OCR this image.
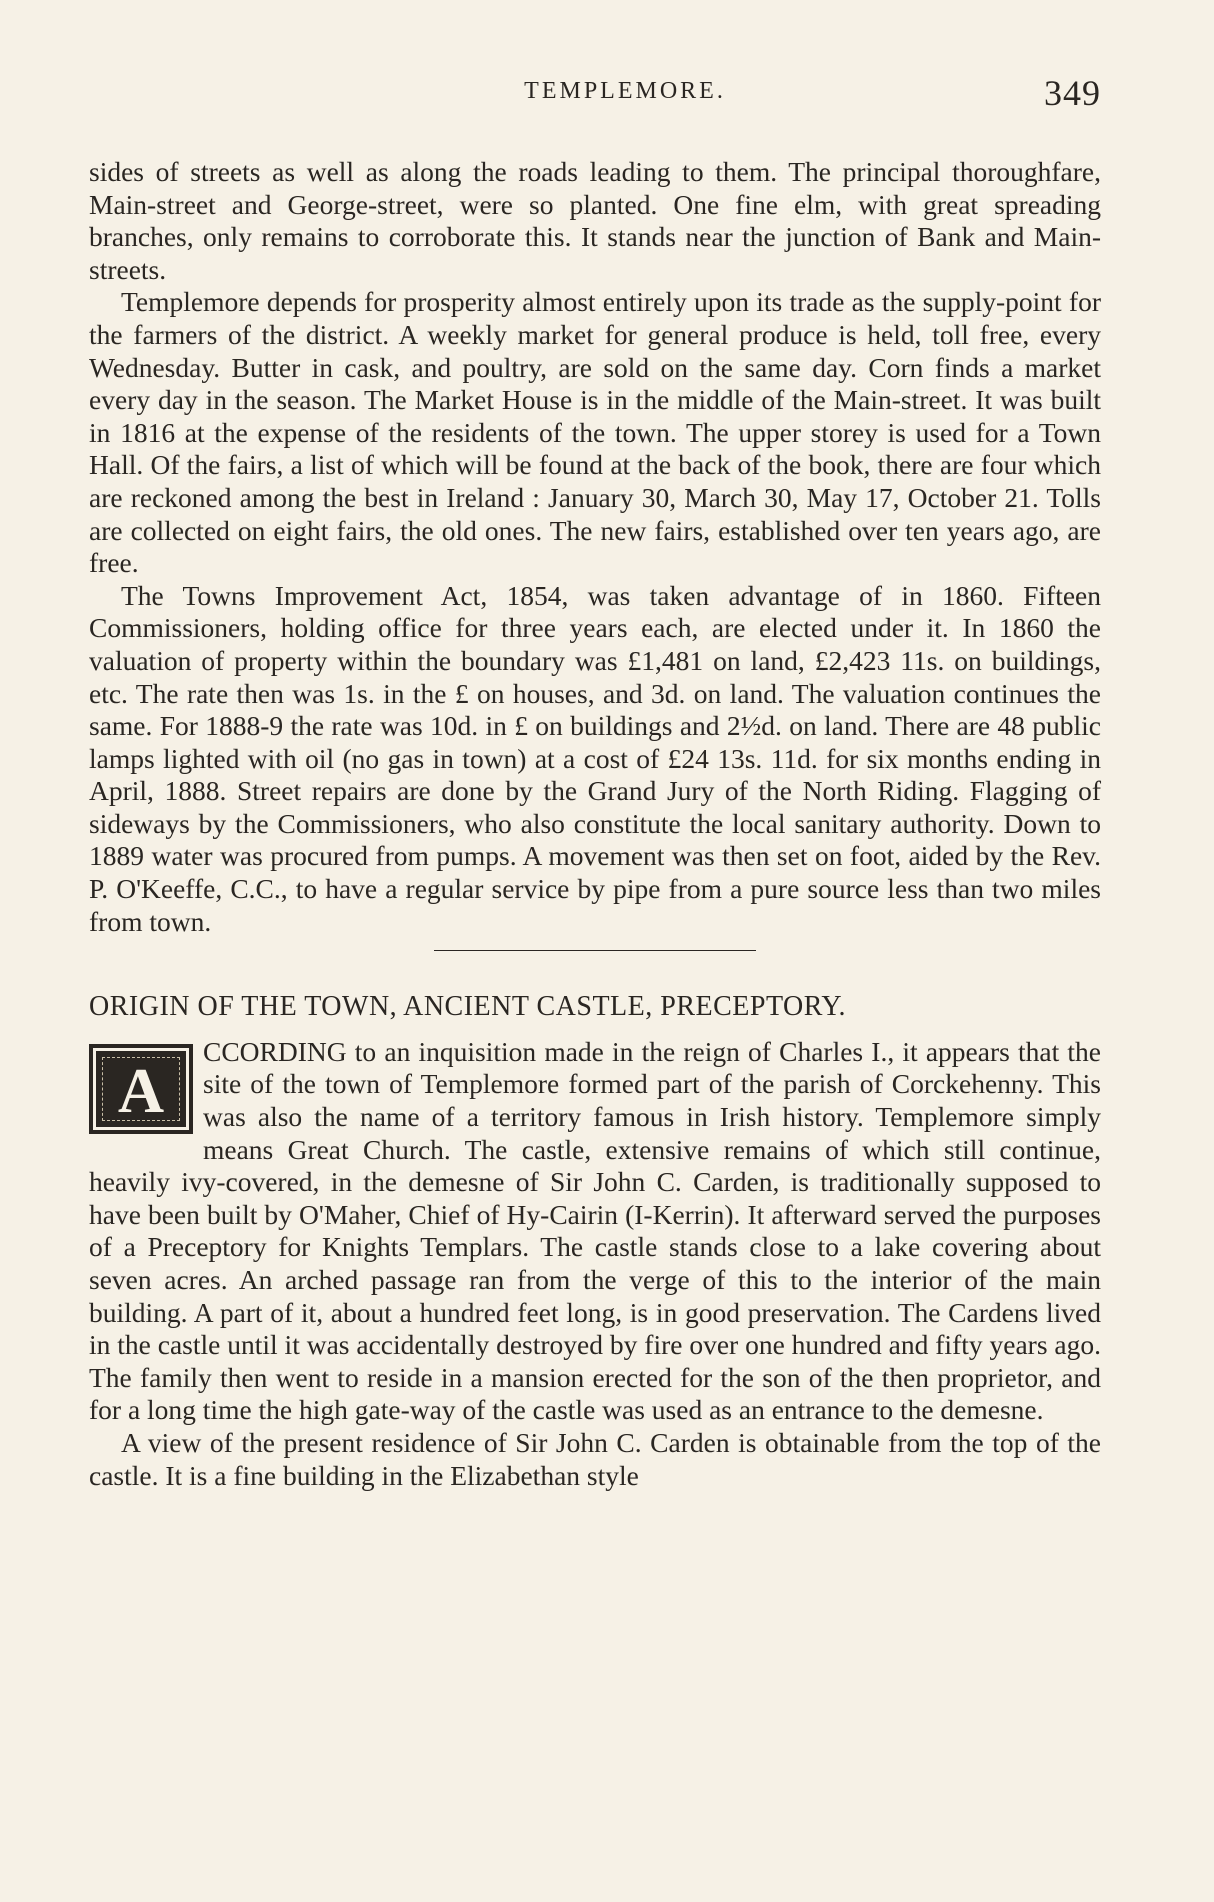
TEMPLEMORE.	349

sides of streets as well as along the roads leading to them. The principal thoroughfare, Main-street and George-street, were so planted. One fine elm, with great spreading branches, only remains to corroborate this. It stands near the junction of Bank and Main-streets.

Templemore depends for prosperity almost entirely upon its trade as the supply-point for the farmers of the district. A weekly market for general produce is held, toll free, every Wednesday. Butter in cask, and poultry, are sold on the same day. Corn finds a market every day in the season. The Market House is in the middle of the Main-street. It was built in 1816 at the expense of the residents of the town. The upper storey is used for a Town Hall. Of the fairs, a list of which will be found at the back of the book, there are four which are reckoned among the best in Ireland : January 30, March 30, May 17, October 21. Tolls are collected on eight fairs, the old ones. The new fairs, established over ten years ago, are free.

The Towns Improvement Act, 1854, was taken advantage of in 1860. Fifteen Commissioners, holding office for three years each, are elected under it. In 1860 the valuation of property within the boundary was £1,481 on land, £2,423 11s. on buildings, etc. The rate then was 1s. in the £ on houses, and 3d. on land. The valuation continues the same. For 1888-9 the rate was 10d. in £ on buildings and 2½d. on land. There are 48 public lamps lighted with oil (no gas in town) at a cost of £24 13s. 11d. for six months ending in April, 1888. Street repairs are done by the Grand Jury of the North Riding. Flagging of sideways by the Commissioners, who also constitute the local sanitary authority. Down to 1889 water was procured from pumps. A movement was then set on foot, aided by the Rev. P. O'Keeffe, C.C., to have a regular service by pipe from a pure source less than two miles from town.

ORIGIN OF THE TOWN, ANCIENT CASTLE, PRECEPTORY.
A

CCORDING to an inquisition made in the reign of Charles I., it appears that the site of the town of Templemore formed part of the parish of Corckehenny. This was also the name of a territory famous in Irish history. Templemore simply means Great Church. The castle, extensive remains of which still continue, heavily ivy-covered, in the demesne of Sir John C. Carden, is traditionally supposed to have been built by O'Maher, Chief of Hy-Cairin (I-Kerrin). It afterward served the purposes of a Preceptory for Knights Templars. The castle stands close to a lake covering about seven acres. An arched passage ran from the verge of this to the interior of the main building. A part of it, about a hundred feet long, is in good preservation. The Cardens lived in the castle until it was accidentally destroyed by fire over one hundred and fifty years ago. The family then went to reside in a mansion erected for the son of the then proprietor, and for a long time the high gate-way of the castle was used as an entrance to the demesne.

A view of the present residence of Sir John C. Carden is obtainable from the top of the castle. It is a fine building in the Elizabethan style
